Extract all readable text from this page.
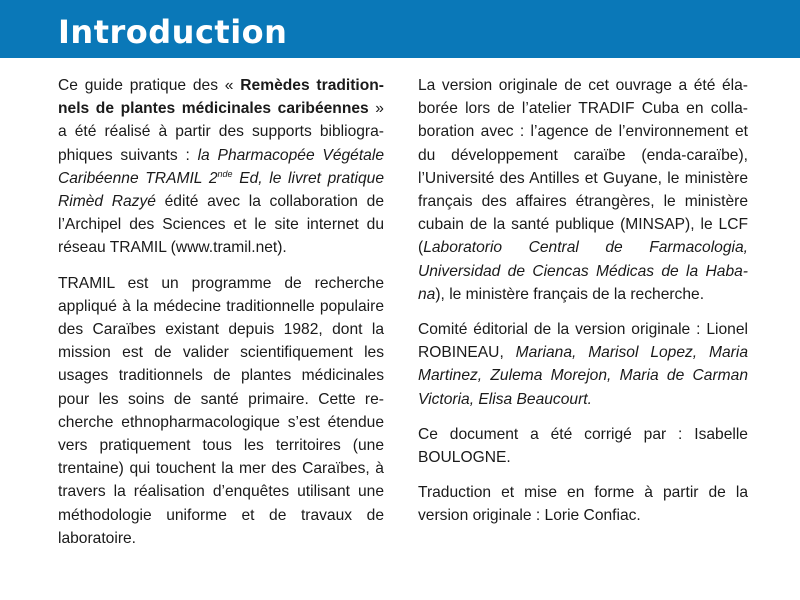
Introduction

Ce guide pratique des « Remèdes traditionnels de plantes médicinales caribéennes » a été réalisé à partir des supports bibliographiques suivants : la Pharmacopée Végétale Caribéenne TRAMIL 2nde Ed, le livret pratique Rimèd Razyé édité avec la collaboration de l’Archipel des Sciences et le site internet du réseau TRAMIL (www.tramil.net).

TRAMIL est un programme de recherche appliqué à la médecine traditionnelle populaire des Caraïbes existant depuis 1982, dont la mission est de valider scientifiquement les usages traditionnels de plantes médicinales pour les soins de santé primaire. Cette recherche ethnopharmacologique s’est étendue vers pratiquement tous les territoires (une trentaine) qui touchent la mer des Caraïbes, à travers la réalisation d’enquêtes utilisant une méthodologie uniforme et de travaux de laboratoire.

La version originale de cet ouvrage a été élaborée lors de l’atelier TRADIF Cuba en collaboration avec : l’agence de l’environnement et du développement caraïbe (enda-caraïbe), l’Université des Antilles et Guyane, le ministère français des affaires étrangères, le ministère cubain de la santé publique (MINSAP), le LCF (Laboratorio Central de Farmacologia, Universidad de Ciencas Médicas de la Habana), le ministère français de la recherche.

Comité éditorial de la version originale : Lionel ROBINEAU, Mariana, Marisol Lopez, Maria Martinez, Zulema Morejon, Maria de Carman Victoria, Elisa Beaucourt.

Ce document a été corrigé par : Isabelle BOULOGNE.

Traduction et mise en forme à partir de la version originale : Lorie Confiac.
